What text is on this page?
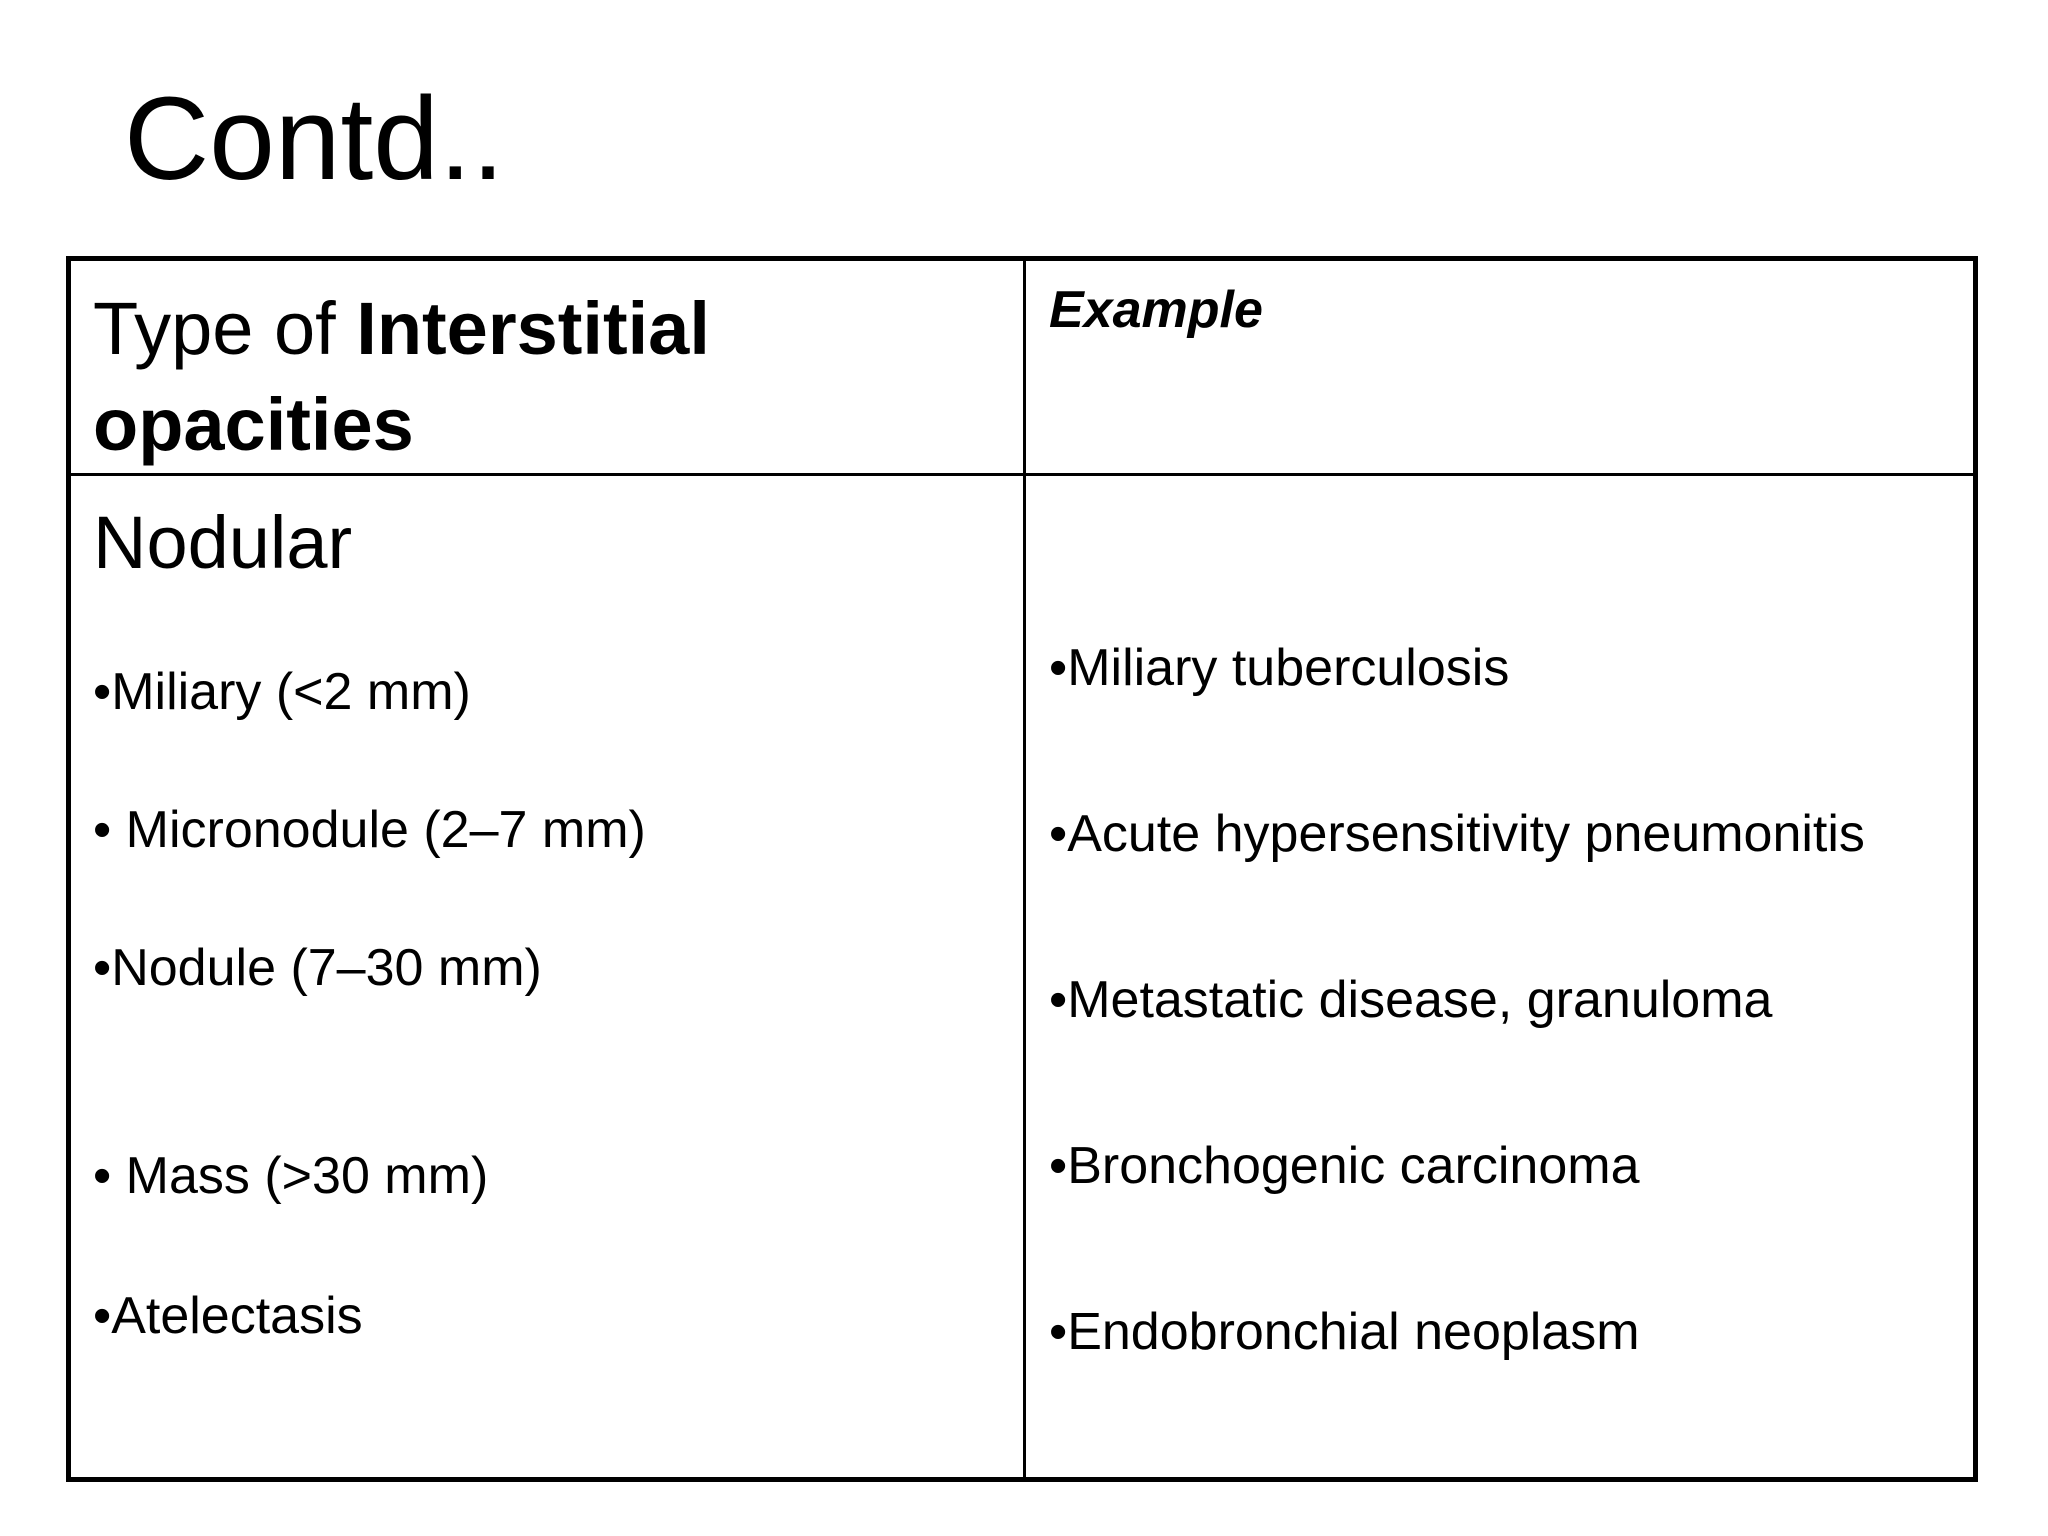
Contd..
Type of Interstitial
opacities
Example
Nodular
•Miliary (<2 mm)
• Micronodule (2–7 mm)
•Nodule (7–30 mm)
• Mass (>30 mm)
•Atelectasis
•Miliary tuberculosis
•Acute hypersensitivity pneumonitis
•Metastatic disease, granuloma
•Bronchogenic carcinoma
•Endobronchial neoplasm
